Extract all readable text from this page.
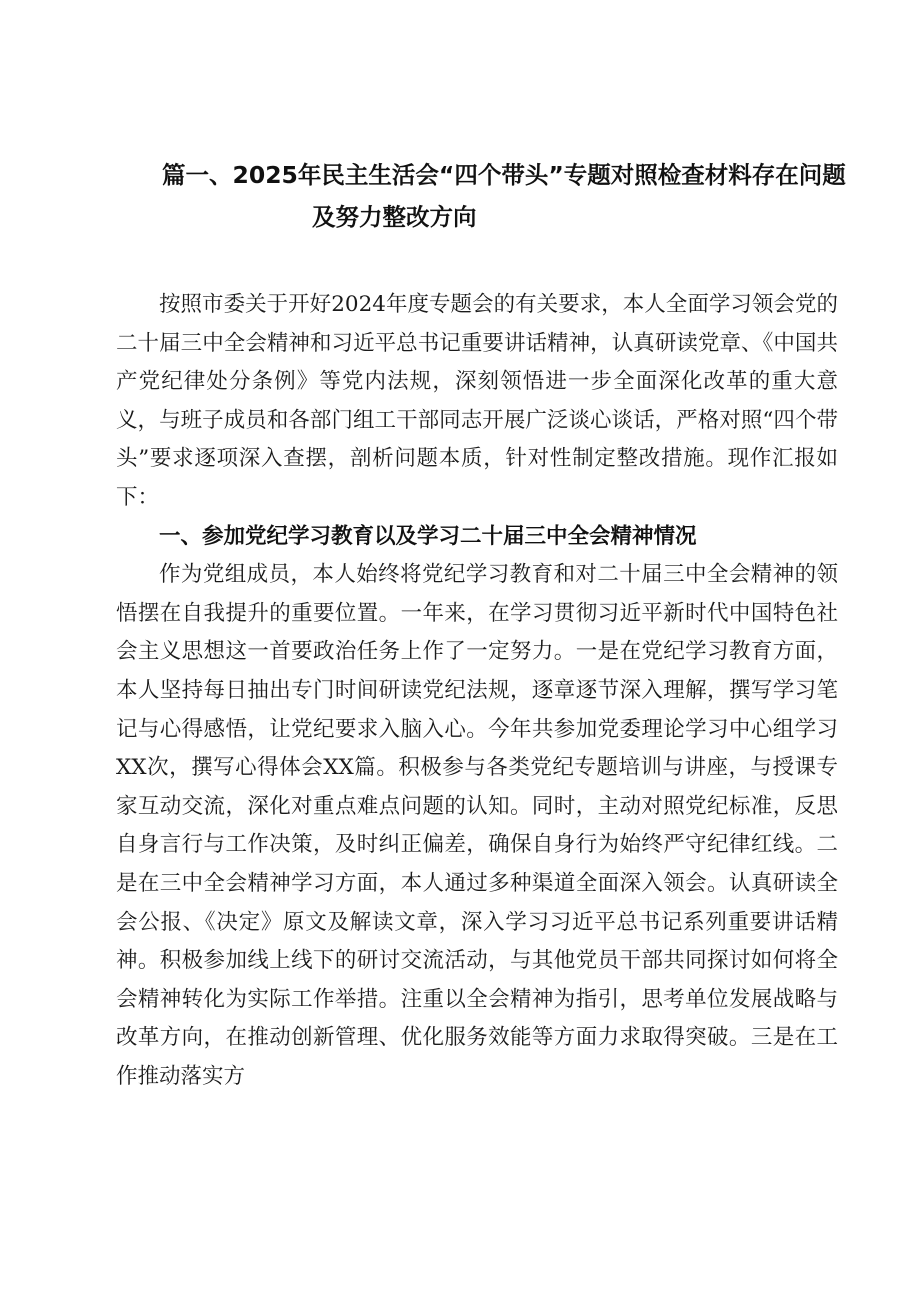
篇一、2025年民主生活会“四个带头”专题对照检查材料存在问题
及努力整改方向

按照市委关于开好2024年度专题会的有关要求，本人全面学习领会党的二十届三中全会精神和习近平总书记重要讲话精神，认真研读党章、《中国共产党纪律处分条例》等党内法规，深刻领悟进一步全面深化改革的重大意义，与班子成员和各部门组工干部同志开展广泛谈心谈话，严格对照“四个带头”要求逐项深入查摆，剖析问题本质，针对性制定整改措施。现作汇报如下：

一、参加党纪学习教育以及学习二十届三中全会精神情况

作为党组成员，本人始终将党纪学习教育和对二十届三中全会精神的领悟摆在自我提升的重要位置。一年来，在学习贯彻习近平新时代中国特色社会主义思想这一首要政治任务上作了一定努力。一是在党纪学习教育方面，本人坚持每日抽出专门时间研读党纪法规，逐章逐节深入理解，撰写学习笔记与心得感悟，让党纪要求入脑入心。今年共参加党委理论学习中心组学习XX次，撰写心得体会XX篇。积极参与各类党纪专题培训与讲座，与授课专家互动交流，深化对重点难点问题的认知。同时，主动对照党纪标准，反思自身言行与工作决策，及时纠正偏差，确保自身行为始终严守纪律红线。二是在三中全会精神学习方面，本人通过多种渠道全面深入领会。认真研读全会公报、《决定》原文及解读文章，深入学习习近平总书记系列重要讲话精神。积极参加线上线下的研讨交流活动，与其他党员干部共同探讨如何将全会精神转化为实际工作举措。注重以全会精神为指引，思考单位发展战略与改革方向，在推动创新管理、优化服务效能等方面力求取得突破。三是在工作推动落实方
